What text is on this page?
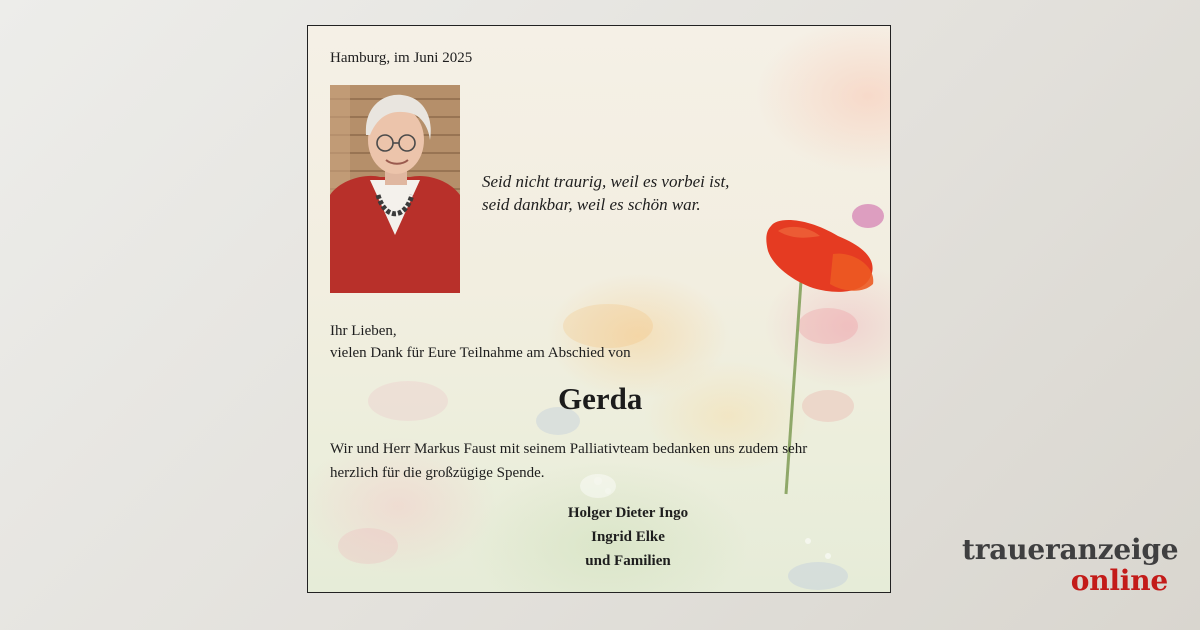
Hamburg, im Juni 2025
Seid nicht traurig, weil es vorbei ist,
seid dankbar, weil es schön war.
Ihr Lieben,
vielen Dank für Eure Teilnahme am Abschied von
Gerda
Wir und Herr Markus Faust mit seinem Palliativteam bedanken uns zudem sehr
herzlich für die großzügige Spende.
Holger Dieter Ingo
Ingrid Elke
und Familien	traueranzeige
online
